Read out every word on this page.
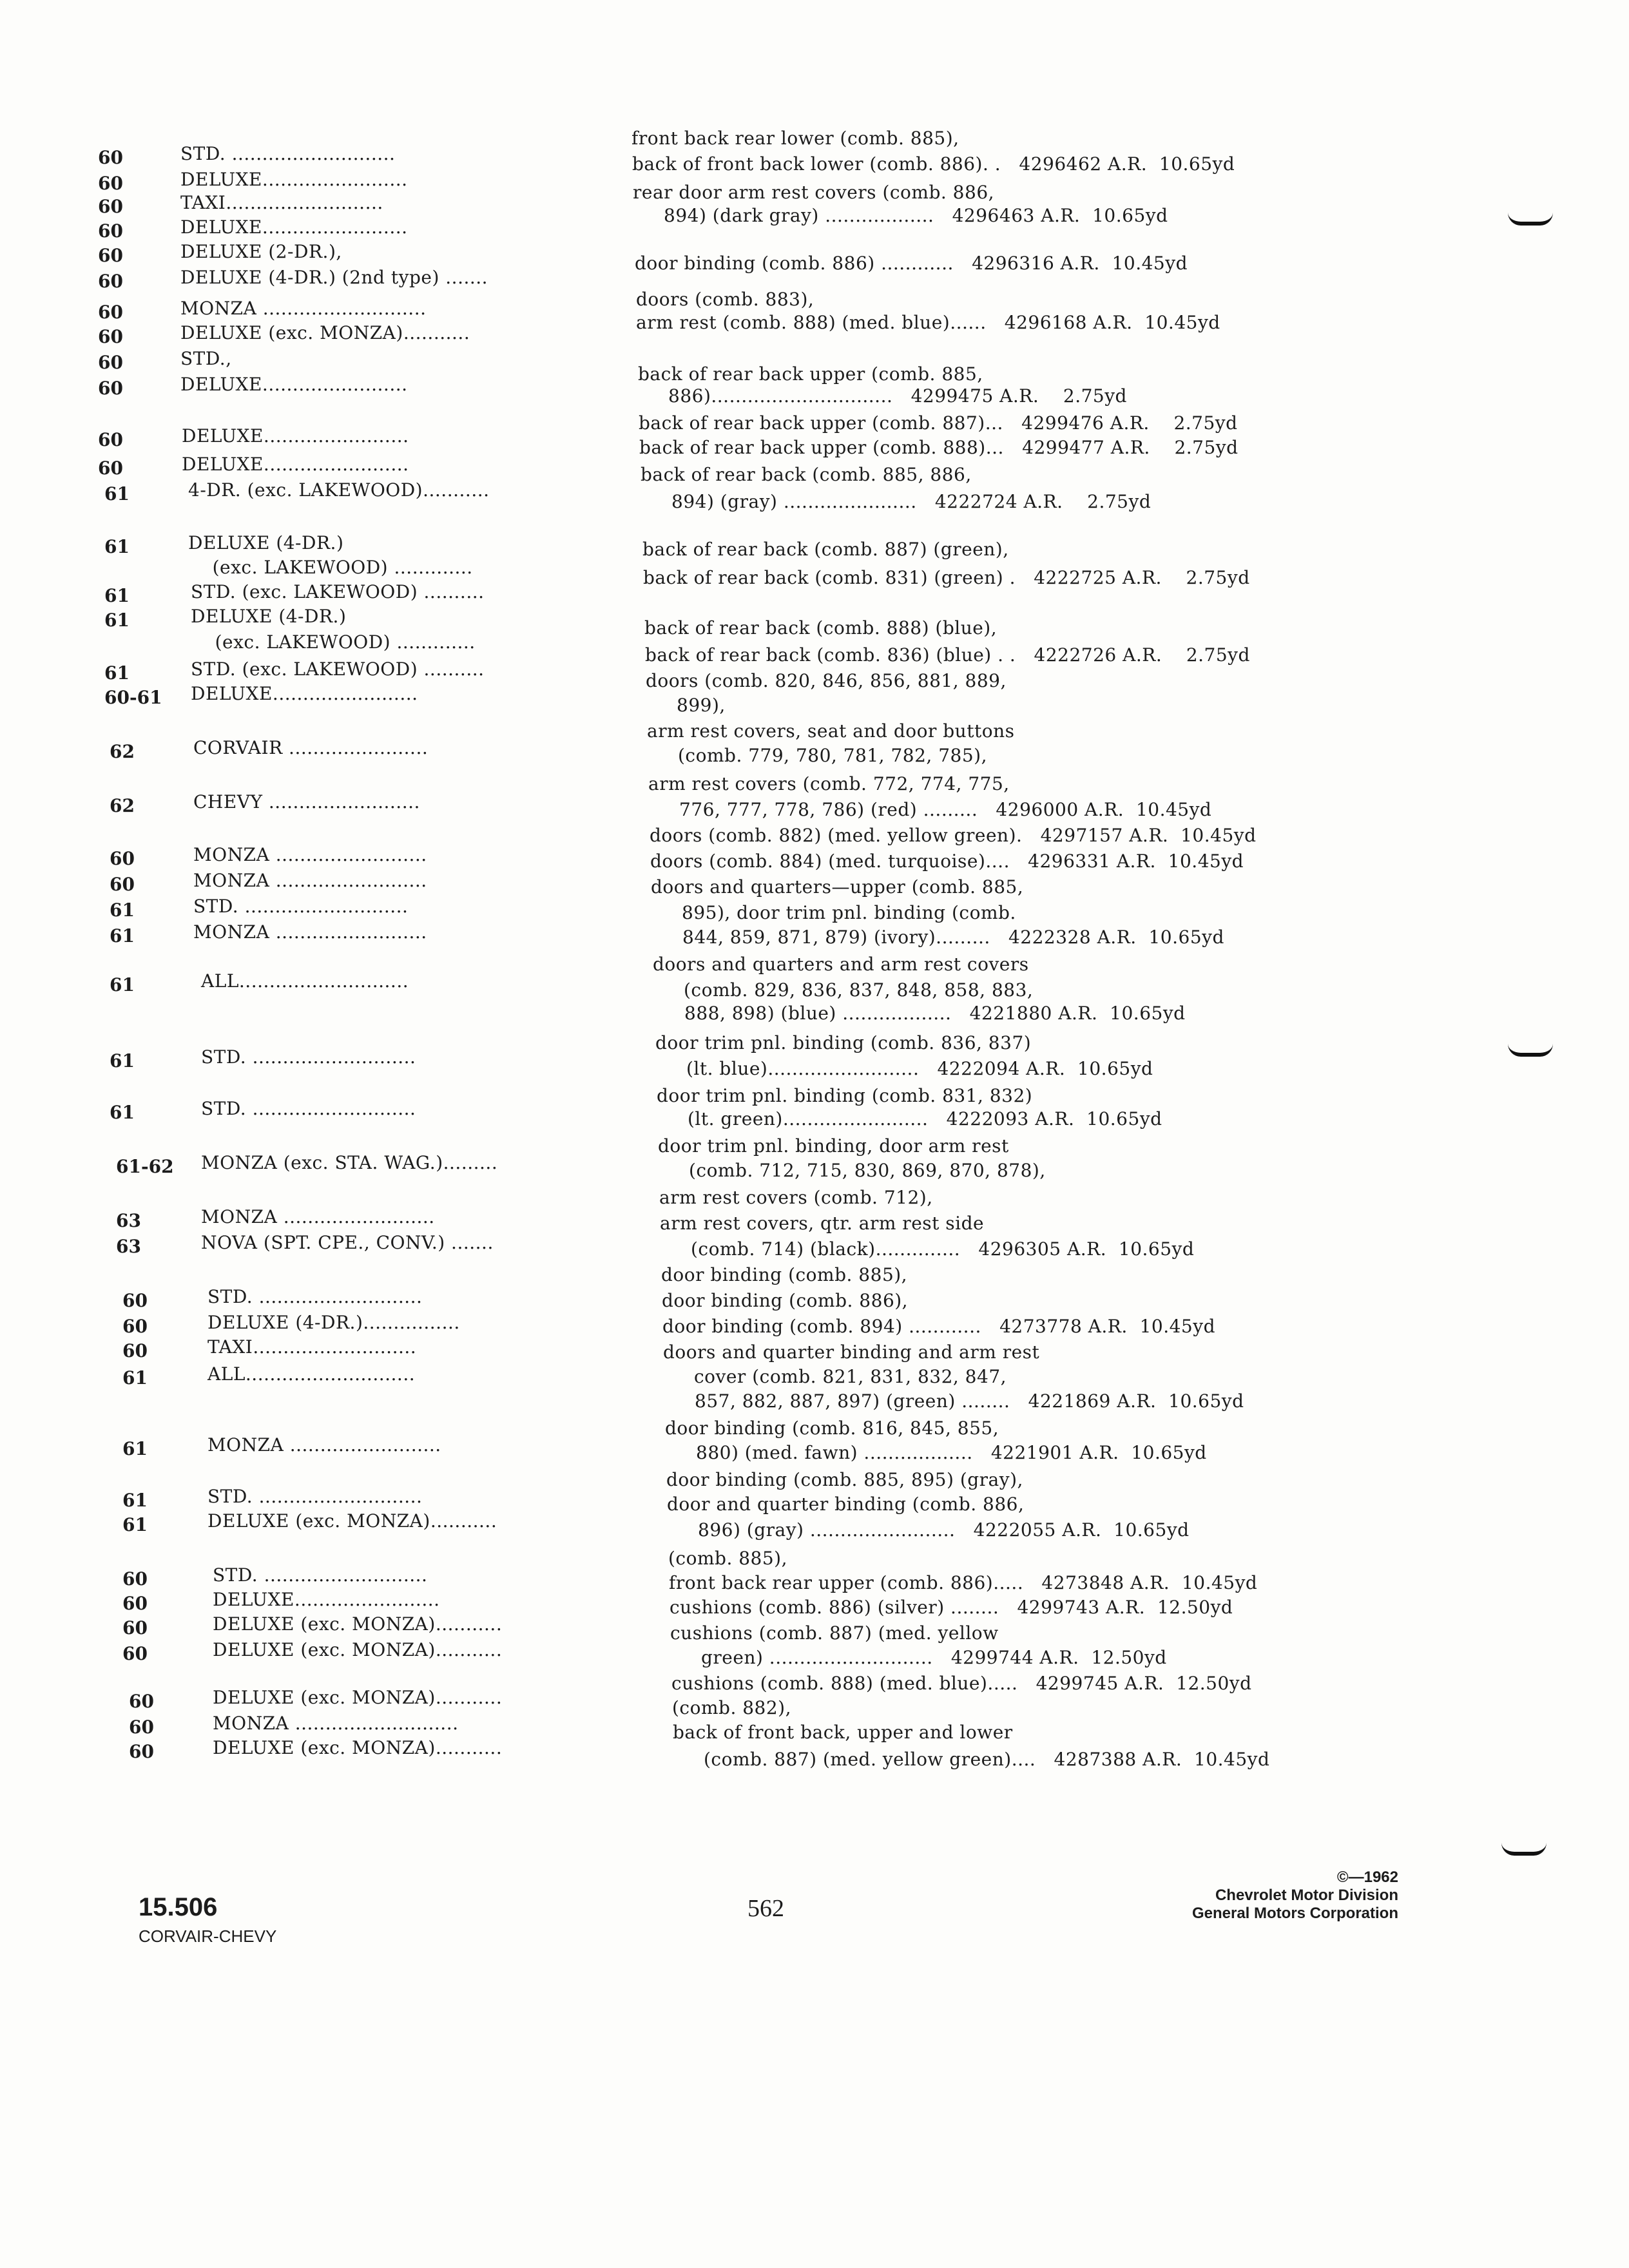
60	STD. ...........................
60	DELUXE........................
60	TAXI..........................
60	DELUXE........................
60	DELUXE (2-DR.),
60	DELUXE (4-DR.) (2nd type) .......
60	MONZA ...........................
60	DELUXE (exc. MONZA)...........
60	STD.,
60	DELUXE........................
60	DELUXE........................
60	DELUXE........................
61	4-DR. (exc. LAKEWOOD)...........
61	DELUXE (4-DR.)
(exc. LAKEWOOD) .............
61	STD. (exc. LAKEWOOD) ..........
61	DELUXE (4-DR.)
(exc. LAKEWOOD) .............
61	STD. (exc. LAKEWOOD) ..........
60-61 DELUXE........................
62	CORVAIR .......................
62	CHEVY .........................
60	MONZA .........................
60	MONZA .........................
61	STD. ...........................
61	MONZA .........................
61	ALL............................
61	STD. ...........................
61	STD. ...........................
61-62 MONZA (exc. STA. WAG.).........
63	MONZA .........................
63	NOVA (SPT. CPE., CONV.) .......
60	STD. ...........................
60	DELUXE (4-DR.)................
60	TAXI...........................
61	ALL............................
61	MONZA .........................
61	STD. ...........................
61	DELUXE (exc. MONZA)...........
60	STD. ...........................
60	DELUXE........................
60	DELUXE (exc. MONZA)...........
60	DELUXE (exc. MONZA)...........
60	DELUXE (exc. MONZA)...........
60	MONZA ...........................
60	DELUXE (exc. MONZA)...........
front back rear lower (comb. 885),
back of front back lower (comb. 886). .   4296462 A.R.  10.65yd
rear door arm rest covers (comb. 886,
894) (dark gray) ..................   4296463 A.R.  10.65yd
door binding (comb. 886) ............   4296316 A.R.  10.45yd
doors (comb. 883),
arm rest (comb. 888) (med. blue)......   4296168 A.R.  10.45yd
back of rear back upper (comb. 885,
886)..............................   4299475 A.R.    2.75yd
back of rear back upper (comb. 887)...   4299476 A.R.    2.75yd
back of rear back upper (comb. 888)...   4299477 A.R.    2.75yd
back of rear back (comb. 885, 886,
894) (gray) ......................   4222724 A.R.    2.75yd
back of rear back (comb. 887) (green),
back of rear back (comb. 831) (green) .   4222725 A.R.    2.75yd
back of rear back (comb. 888) (blue),
back of rear back (comb. 836) (blue) . .   4222726 A.R.    2.75yd
doors (comb. 820, 846, 856, 881, 889,
899),
arm rest covers, seat and door buttons
(comb. 779, 780, 781, 782, 785),
arm rest covers (comb. 772, 774, 775,
776, 777, 778, 786) (red) .........   4296000 A.R.  10.45yd
doors (comb. 882) (med. yellow green).   4297157 A.R.  10.45yd
doors (comb. 884) (med. turquoise)....   4296331 A.R.  10.45yd
doors and quarters—upper (comb. 885,
895), door trim pnl. binding (comb.
844, 859, 871, 879) (ivory).........   4222328 A.R.  10.65yd
doors and quarters and arm rest covers
(comb. 829, 836, 837, 848, 858, 883,
888, 898) (blue) ..................   4221880 A.R.  10.65yd
door trim pnl. binding (comb. 836, 837)
(lt. blue).........................   4222094 A.R.  10.65yd
door trim pnl. binding (comb. 831, 832)
(lt. green)........................   4222093 A.R.  10.65yd
door trim pnl. binding, door arm rest
(comb. 712, 715, 830, 869, 870, 878),
arm rest covers (comb. 712),
arm rest covers, qtr. arm rest side
(comb. 714) (black)..............   4296305 A.R.  10.65yd
door binding (comb. 885),
door binding (comb. 886),
door binding (comb. 894) ............   4273778 A.R.  10.45yd
doors and quarter binding and arm rest
cover (comb. 821, 831, 832, 847,
857, 882, 887, 897) (green) ........   4221869 A.R.  10.65yd
door binding (comb. 816, 845, 855,
880) (med. fawn) ..................   4221901 A.R.  10.65yd
door binding (comb. 885, 895) (gray),
door and quarter binding (comb. 886,
896) (gray) ........................   4222055 A.R.  10.65yd
(comb. 885),
front back rear upper (comb. 886).....   4273848 A.R.  10.45yd
cushions (comb. 886) (silver) ........   4299743 A.R.  12.50yd
cushions (comb. 887) (med. yellow
green) ...........................   4299744 A.R.  12.50yd
cushions (comb. 888) (med. blue).....   4299745 A.R.  12.50yd
(comb. 882),
back of front back, upper and lower
(comb. 887) (med. yellow green)....   4287388 A.R.  10.45yd
15.506
CORVAIR-CHEVY
562
©—1962
Chevrolet Motor Division
General Motors Corporation
